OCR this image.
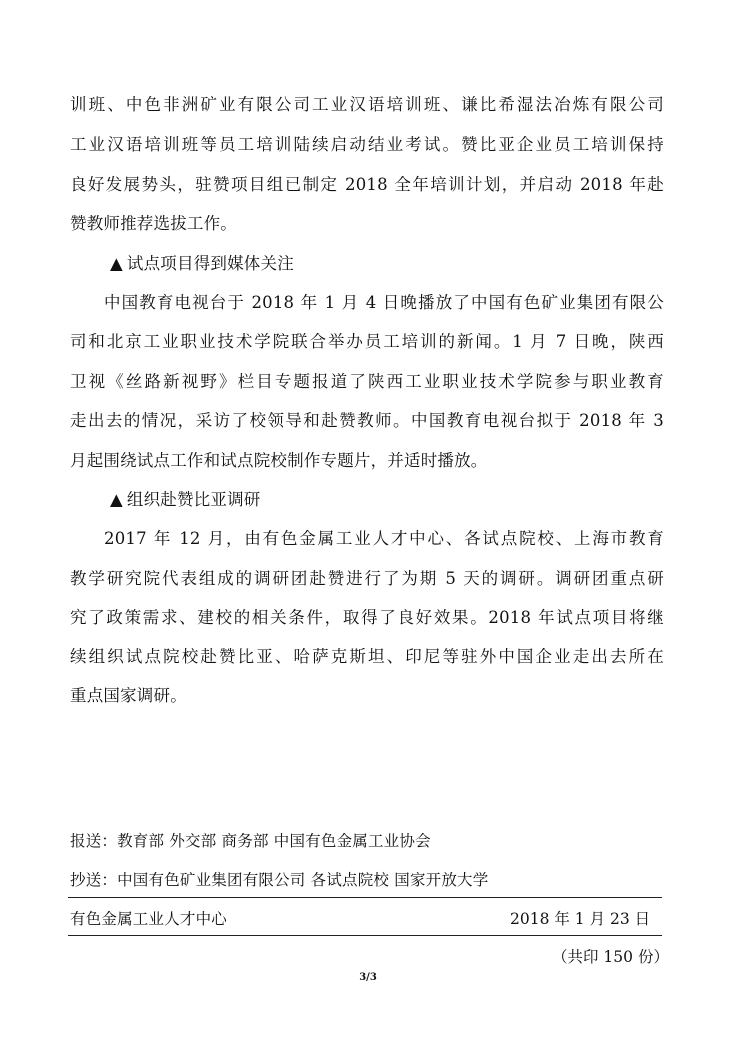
训班、中色非洲矿业有限公司工业汉语培训班、谦比希湿法冶炼有限公司
工业汉语培训班等员工培训陆续启动结业考试。赞比亚企业员工培训保持
良好发展势头，驻赞项目组已制定 2018 全年培训计划，并启动 2018 年赴
赞教师推荐选拔工作。
▲ 试点项目得到媒体关注
中国教育电视台于 2018 年 1 月 4 日晚播放了中国有色矿业集团有限公
司和北京工业职业技术学院联合举办员工培训的新闻。1 月 7 日晚，陕西
卫视《丝路新视野》栏目专题报道了陕西工业职业技术学院参与职业教育
走出去的情况，采访了校领导和赴赞教师。中国教育电视台拟于 2018 年 3
月起围绕试点工作和试点院校制作专题片，并适时播放。
▲ 组织赴赞比亚调研
2017 年 12 月，由有色金属工业人才中心、各试点院校、上海市教育
教学研究院代表组成的调研团赴赞进行了为期 5 天的调研。调研团重点研
究了政策需求、建校的相关条件，取得了良好效果。2018 年试点项目将继
续组织试点院校赴赞比亚、哈萨克斯坦、印尼等驻外中国企业走出去所在
重点国家调研。
报送：教育部 外交部 商务部 中国有色金属工业协会
抄送：中国有色矿业集团有限公司 各试点院校 国家开放大学
有色金属工业人才中心	2018 年 1 月 23 日
（共印 150 份）
3/3
